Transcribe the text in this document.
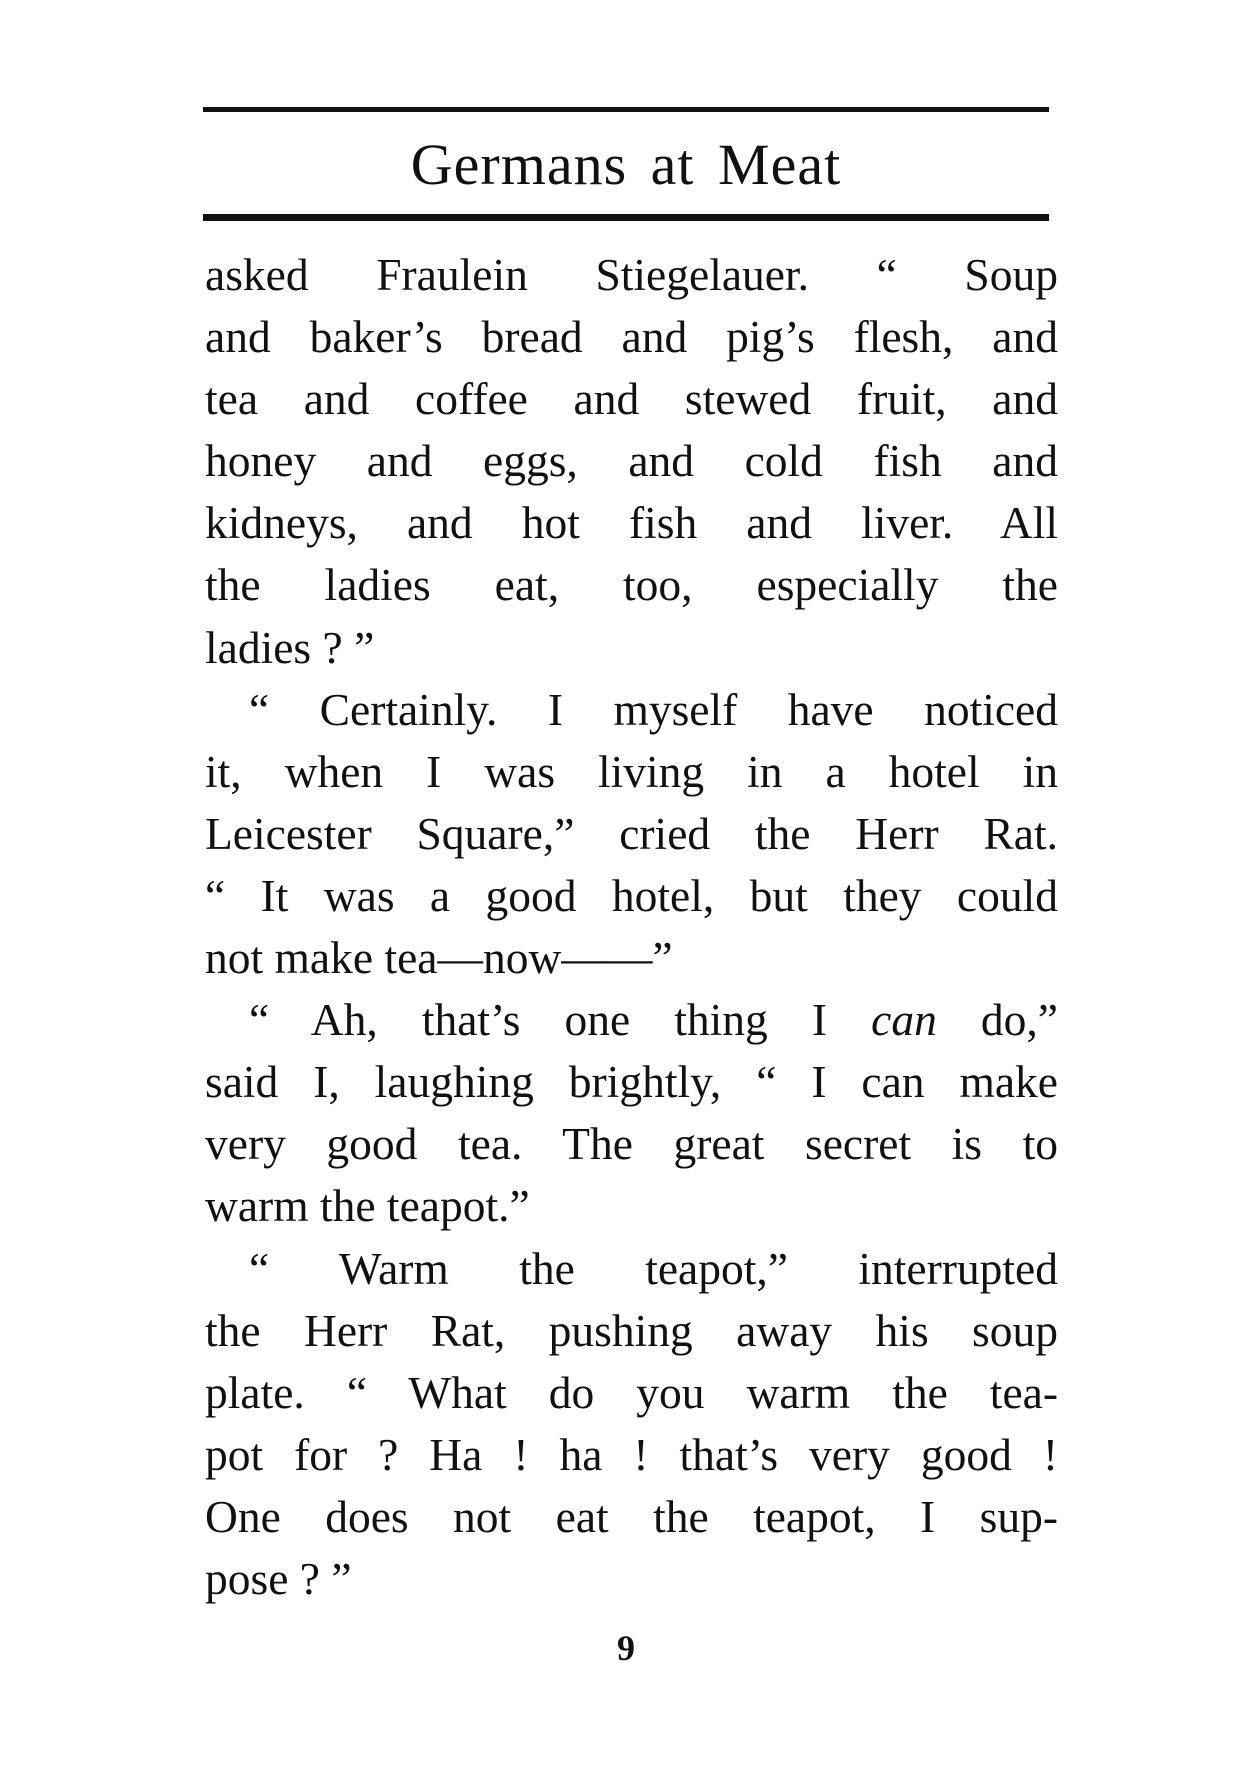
Germans at Meat
asked Fraulein Stiegelauer. “ Soup
and baker’s bread and pig’s flesh, and
tea and coffee and stewed fruit, and
honey and eggs, and cold fish and
kidneys, and hot fish and liver. All
the ladies eat, too, especially the
ladies ? ”
“ Certainly. I myself have noticed
it, when I was living in a hotel in
Leicester Square,” cried the Herr Rat.
“ It was a good hotel, but they could
not make tea—now——”
“ Ah, that’s one thing I can do,”
said I, laughing brightly, “ I can make
very good tea. The great secret is to
warm the teapot.”
“ Warm the teapot,” interrupted
the Herr Rat, pushing away his soup
plate. “ What do you warm the tea-
pot for ? Ha ! ha ! that’s very good !
One does not eat the teapot, I sup-
pose ? ”
9
